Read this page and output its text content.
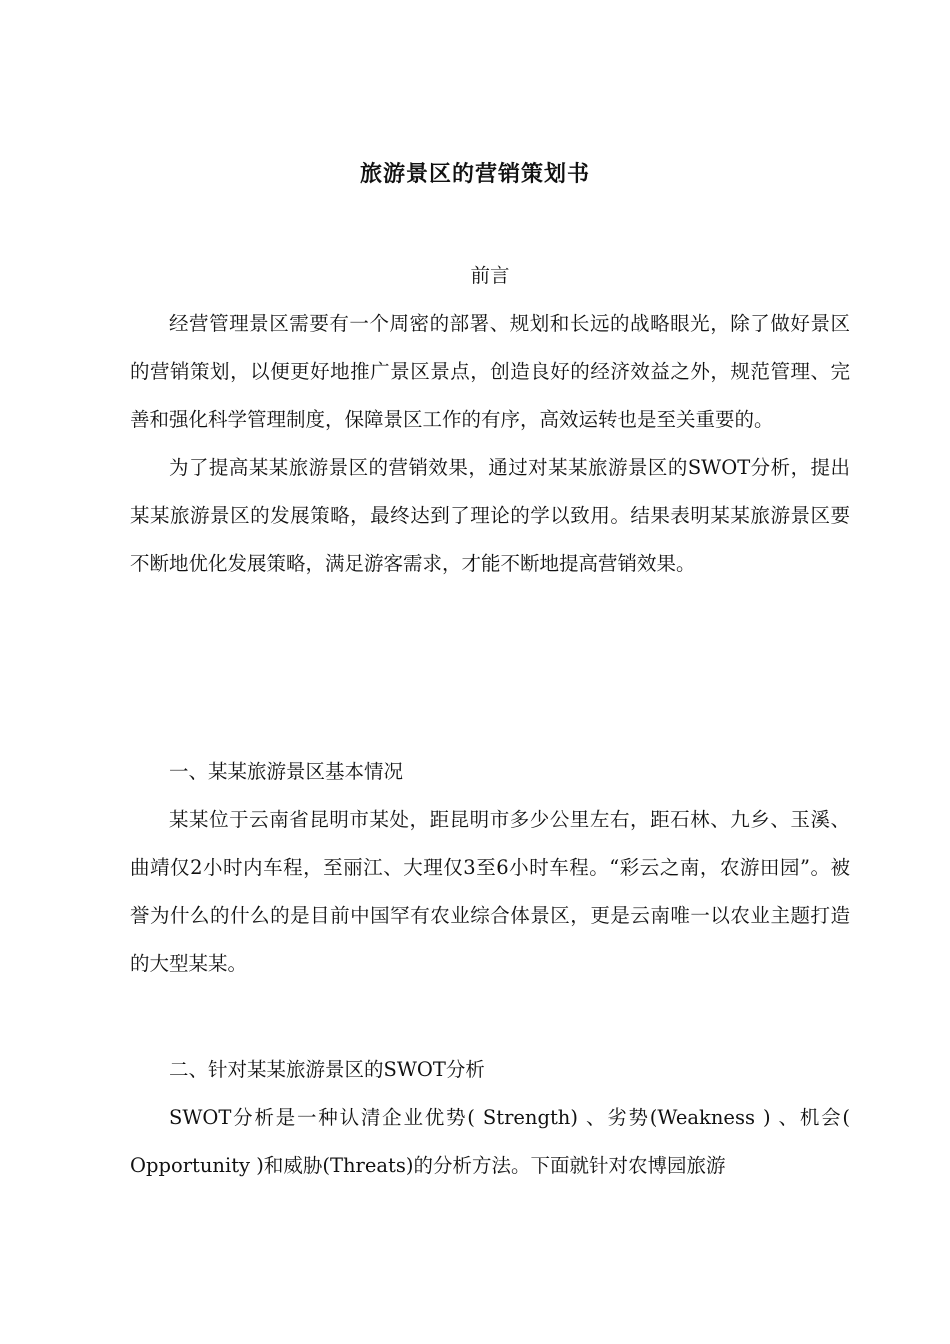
旅游景区的营销策划书
前言

经营管理景区需要有一个周密的部署、规划和长远的战略眼光，除了做好景区的营销策划，以便更好地推广景区景点，创造良好的经济效益之外，规范管理、完善和强化科学管理制度，保障景区工作的有序，高效运转也是至关重要的。

为了提高某某旅游景区的营销效果，通过对某某旅游景区的SWOT分析，提出某某旅游景区的发展策略，最终达到了理论的学以致用。结果表明某某旅游景区要不断地优化发展策略，满足游客需求，才能不断地提高营销效果。

一、某某旅游景区基本情况

某某位于云南省昆明市某处，距昆明市多少公里左右，距石林、九乡、玉溪、曲靖仅2小时内车程，至丽江、大理仅3至6小时车程。“彩云之南，农游田园”。被誉为什么的什么的是目前中国罕有农业综合体景区，更是云南唯一以农业主题打造的大型某某。

二、针对某某旅游景区的SWOT分析

SWOT分析是一种认清企业优势( Strength) 、劣势(Weakness ) 、机会( Opportunity )和威胁(Threats)的分析方法。下面就针对农博园旅游
